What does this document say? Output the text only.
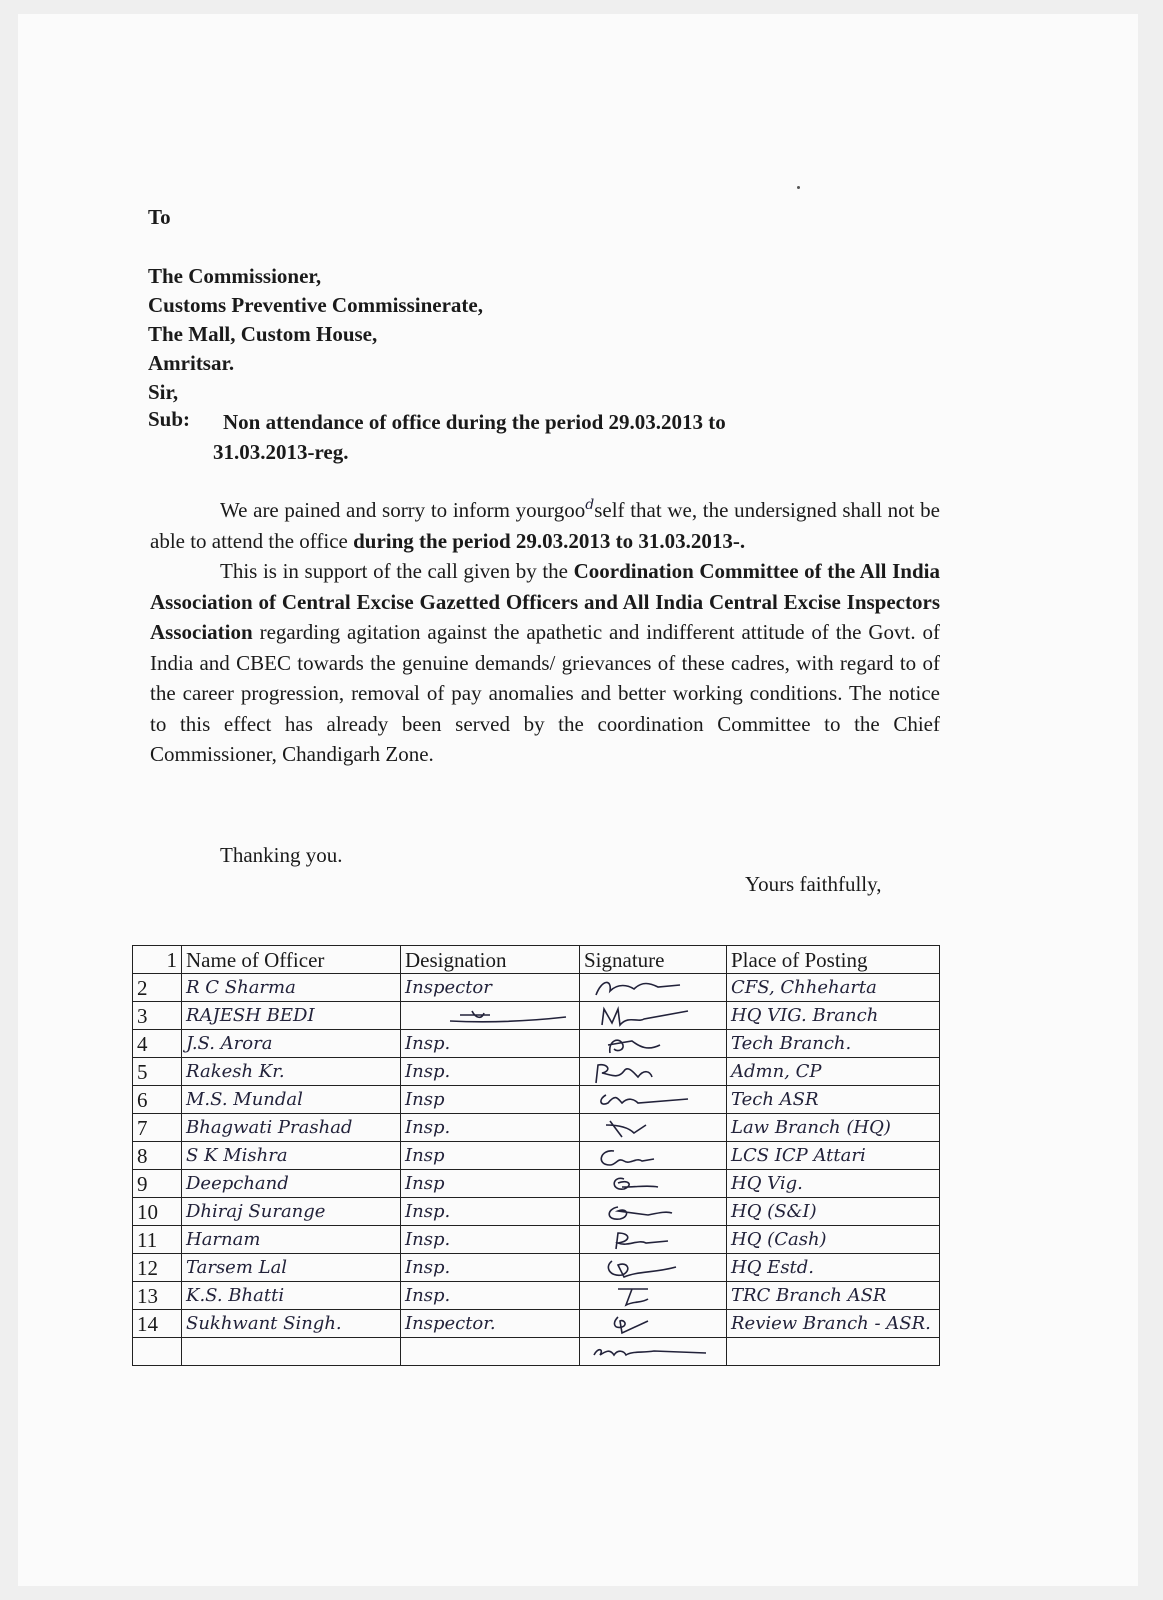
To
The Commissioner,
Customs Preventive Commissinerate,
The Mall, Custom House,
Amritsar.
Sir,
Sub: Non attendance of office during the period 29.03.2013 to
31.03.2013-reg.

We are pained and sorry to inform yourgoo$^d$self that we, the undersigned shall not be able to attend the office during the period 29.03.2013 to 31.03.2013-.

This is in support of the call given by the Coordination Committee of the All India Association of Central Excise Gazetted Officers and All India Central Excise Inspectors Association regarding agitation against the apathetic and indifferent attitude of the Govt. of India and CBEC towards the genuine demands/ grievances of these cadres, with regard to of the career progression, removal of pay anomalies and better working conditions. The notice to this effect has already been served by the coordination Committee to the Chief Commissioner, Chandigarh Zone.

Thanking you.
Yours faithfully,
1	Name of Officer	Designation	Signature	Place of Posting
2	R C Sharma	Inspector		CFS, Chheharta
3	RAJESH BEDI			HQ VIG. Branch
4	J.S. Arora	Insp.		Tech Branch.
5	Rakesh Kr.	Insp.		Admn, CP
6	M.S. Mundal	Insp		Tech ASR
7	Bhagwati Prashad	Insp.		Law Branch (HQ)
8	S K Mishra	Insp		LCS ICP Attari
9	Deepchand	Insp		HQ Vig.
10	Dhiraj Surange	Insp.		HQ (S&I)
11	Harnam	Insp.		HQ (Cash)
12	Tarsem Lal	Insp.		HQ Estd.
13	K.S. Bhatti	Insp.		TRC Branch ASR
14	Sukhwant Singh.	Inspector.		Review Branch - ASR.
